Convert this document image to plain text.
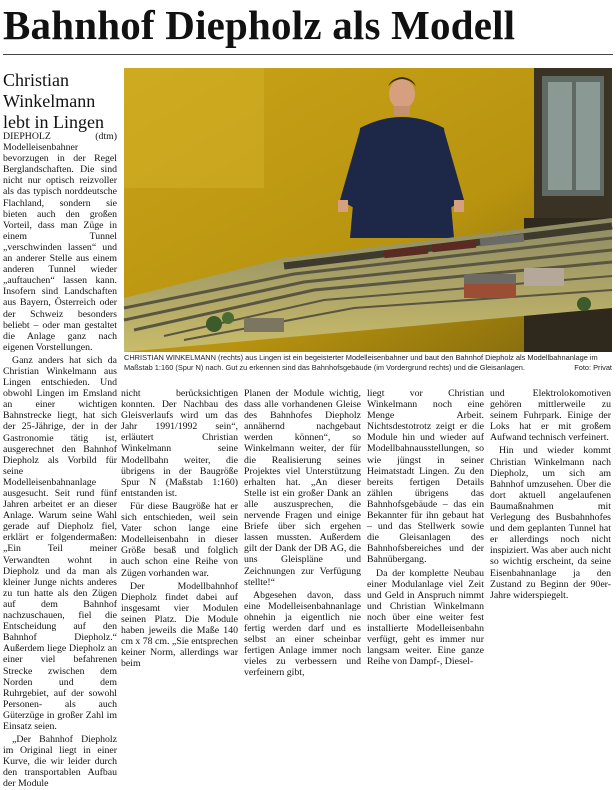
Bahnhof Diepholz als Modell
Christian Winkelmann lebt in Lingen
CHRISTIAN WINKELMANN (rechts) aus Lingen ist ein begeisterter Modelleisenbahner und baut den Bahnhof Diepholz als Modellbahnanlage im Maßstab 1:160 (Spur N) nach. Gut zu erkennen sind das Bahnhofsgebäude (im Vordergrund rechts) und die Gleisanlagen.	Foto: Privat

DIEPHOLZ (dtm) Modelleisenbahner bevorzugen in der Regel Berglandschaften. Die sind nicht nur optisch reizvoller als das typisch norddeutsche Flachland, sondern sie bieten auch den großen Vorteil, dass man Züge in einem Tunnel „verschwinden lassen“ und an anderer Stelle aus einem anderen Tunnel wieder „auftauchen“ lassen kann. Insofern sind Landschaften aus Bayern, Österreich oder der Schweiz besonders beliebt – oder man gestaltet die Anlage ganz nach eigenen Vorstellungen.

Ganz anders hat sich da Christian Winkelmann aus Lingen entschieden. Und obwohl Lingen im Emsland an einer wichtigen Bahnstrecke liegt, hat sich der 25-Jährige, der in der Gastronomie tätig ist, ausgerechnet den Bahnhof Diepholz als Vorbild für seine Modelleisenbahnanlage ausgesucht. Seit rund fünf Jahren arbeitet er an dieser Anlage. Warum seine Wahl gerade auf Diepholz fiel, erklärt er folgendermaßen: „Ein Teil meiner Verwandten wohnt in Diepholz und da man als kleiner Junge nichts anderes zu tun hatte als den Zügen auf dem Bahnhof nachzuschauen, fiel die Entscheidung auf den Bahnhof Diepholz.“ Außerdem liege Diepholz an einer viel befahrenen Strecke zwischen dem Norden und dem Ruhrgebiet, auf der sowohl Personen- als auch Güterzüge in großer Zahl im Einsatz seien.

„Der Bahnhof Diepholz im Original liegt in einer Kurve, die wir leider durch den transportablen Aufbau der Module

nicht berücksichtigen konnten. Der Nachbau des Gleisverlaufs wird um das Jahr 1991/1992 sein“, erläutert Christian Winkelmann seine Modellbahn weiter, die übrigens in der Baugröße Spur N (Maßstab 1:160) entstanden ist.

Für diese Baugröße hat er sich entschieden, weil sein Vater schon lange eine Modelleisenbahn in dieser Größe besaß und folglich auch schon eine Reihe von Zügen vorhanden war.

Der Modellbahnhof Diepholz findet dabei auf insgesamt vier Modulen seinen Platz. Die Module haben jeweils die Maße 140 cm x 78 cm. „Sie entsprechen keiner Norm, allerdings war beim

Planen der Module wichtig, dass alle vorhandenen Gleise des Bahnhofes Diepholz annähernd nachgebaut werden können“, so Winkelmann weiter, der für die Realisierung seines Projektes viel Unterstützung erhalten hat. „An dieser Stelle ist ein großer Dank an alle auszusprechen, die nervende Fragen und einige Briefe über sich ergehen lassen mussten. Außerdem gilt der Dank der DB AG, die uns Gleispläne und Zeichnungen zur Verfügung stellte!“

Abgesehen davon, dass eine Modelleisenbahnanlage ohnehin ja eigentlich nie fertig werden darf und es selbst an einer scheinbar fertigen Anlage immer noch vieles zu verbessern und verfeinern gibt,

liegt vor Christian Winkelmann noch eine Menge Arbeit. Nichtsdestotrotz zeigt er die Module hin und wieder auf Modellbahnausstellungen, so wie jüngst in seiner Heimatstadt Lingen. Zu den bereits fertigen Details zählen übrigens das Bahnhofsgebäude – das ein Bekannter für ihn gebaut hat – und das Stellwerk sowie die Gleisanlagen des Bahnhofsbereiches und der Bahnübergang.

Da der komplette Neubau einer Modulanlage viel Zeit und Geld in Anspruch nimmt und Christian Winkelmann noch über eine weiter fest installierte Modelleisenbahn verfügt, geht es immer nur langsam weiter. Eine ganze Reihe von Dampf-, Diesel-

und Elektrolokomotiven gehören mittlerweile zu seinem Fuhrpark. Einige der Loks hat er mit großem Aufwand technisch verfeinert.

Hin und wieder kommt Christian Winkelmann nach Diepholz, um sich am Bahnhof umzusehen. Über die dort aktuell angelaufenen Baumaßnahmen mit Verlegung des Busbahnhofes und dem geplanten Tunnel hat er allerdings noch nicht inspiziert. Was aber auch nicht so wichtig erscheint, da seine Eisenbahnanlage ja den Zustand zu Beginn der 90er-Jahre widerspiegelt.
